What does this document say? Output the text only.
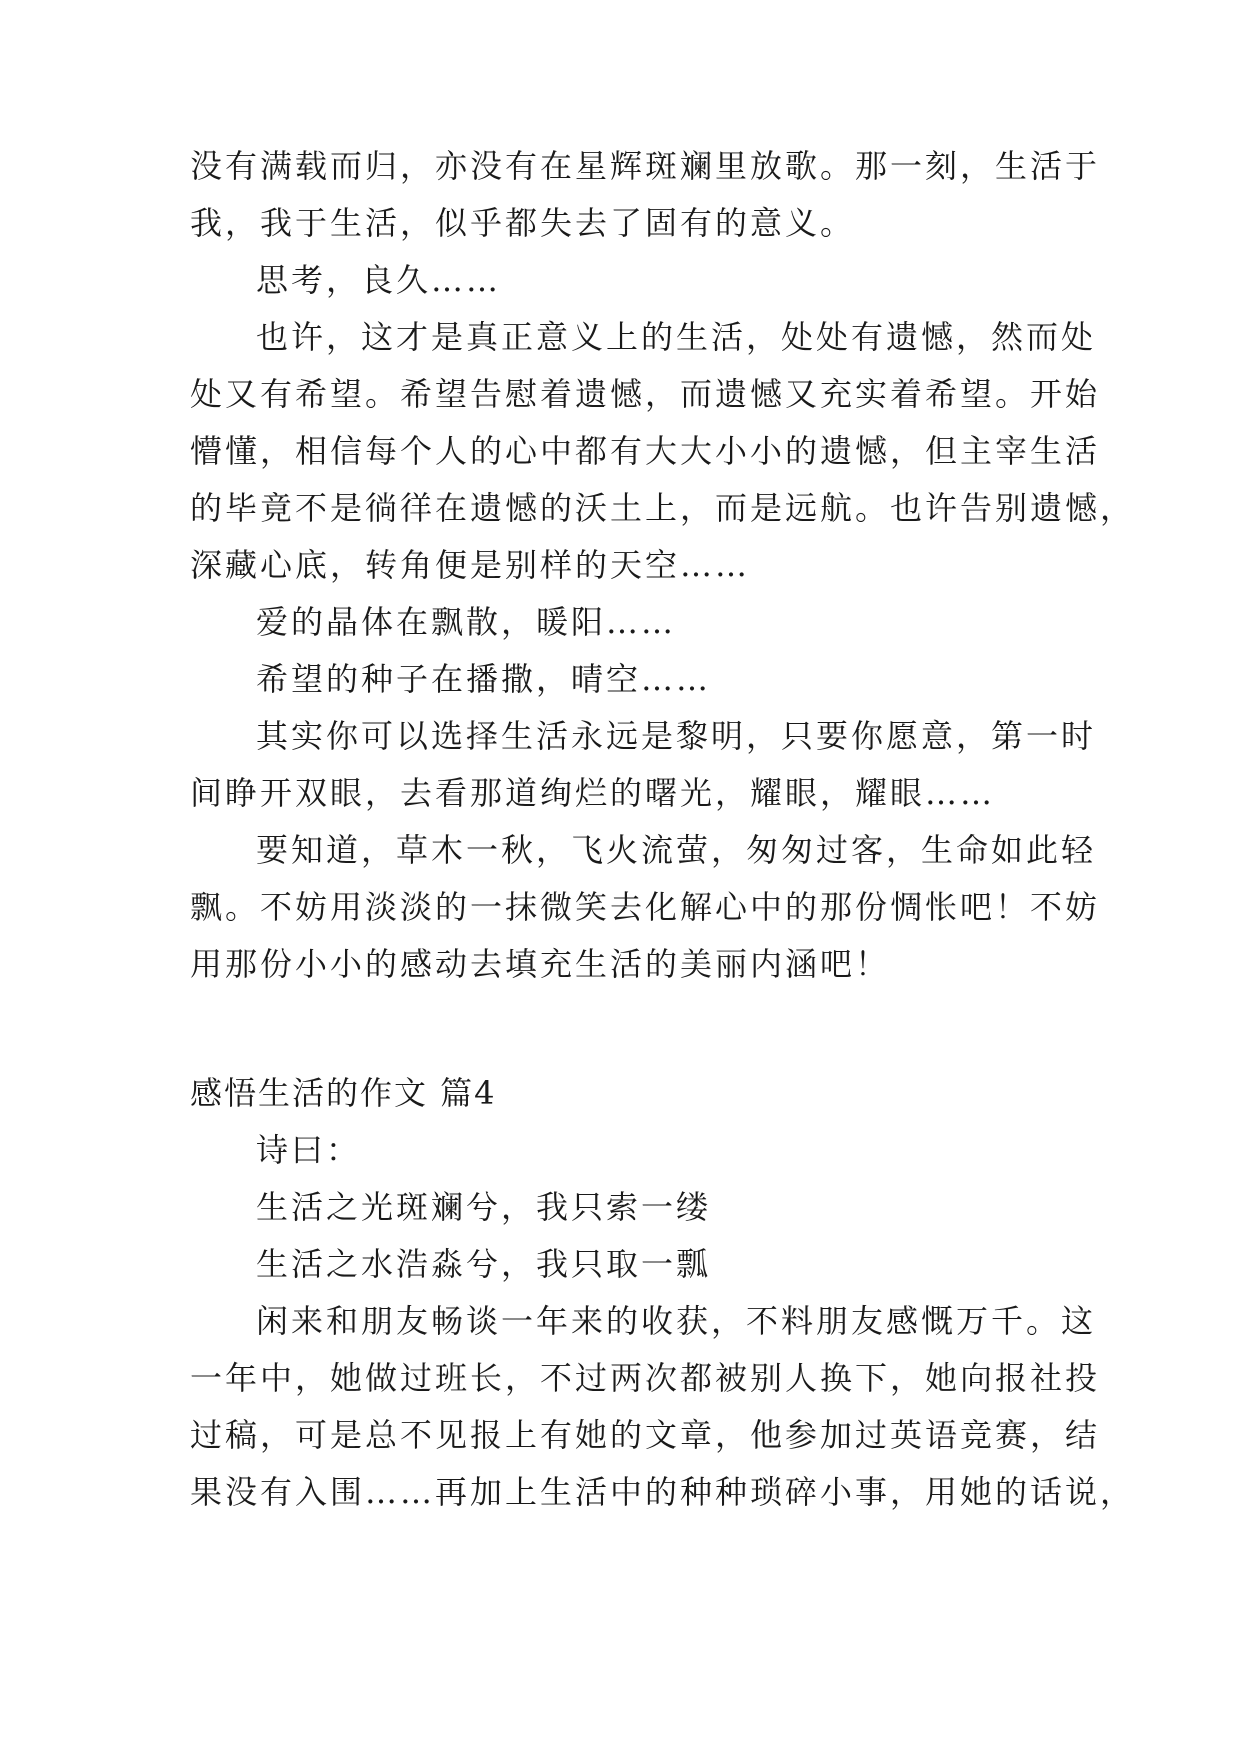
没有满载而归，亦没有在星辉斑斓里放歌。那一刻，生活于
我，我于生活，似乎都失去了固有的意义。
思考，良久……
也许，这才是真正意义上的生活，处处有遗憾，然而处
处又有希望。希望告慰着遗憾，而遗憾又充实着希望。开始
懵懂，相信每个人的心中都有大大小小的遗憾，但主宰生活
的毕竟不是徜徉在遗憾的沃土上，而是远航。也许告别遗憾，
深藏心底，转角便是别样的天空……
爱的晶体在飘散，暖阳……
希望的种子在播撒，晴空……
其实你可以选择生活永远是黎明，只要你愿意，第一时
间睁开双眼，去看那道绚烂的曙光，耀眼，耀眼……
要知道，草木一秋，飞火流萤，匆匆过客，生命如此轻
飘。不妨用淡淡的一抹微笑去化解心中的那份惆怅吧！不妨
用那份小小的感动去填充生活的美丽内涵吧！
感悟生活的作文 篇4
诗曰：
生活之光斑斓兮，我只索一缕
生活之水浩淼兮，我只取一瓢
闲来和朋友畅谈一年来的收获，不料朋友感慨万千。这
一年中，她做过班长，不过两次都被别人换下，她向报社投
过稿，可是总不见报上有她的文章，他参加过英语竞赛，结
果没有入围……再加上生活中的种种琐碎小事，用她的话说，
